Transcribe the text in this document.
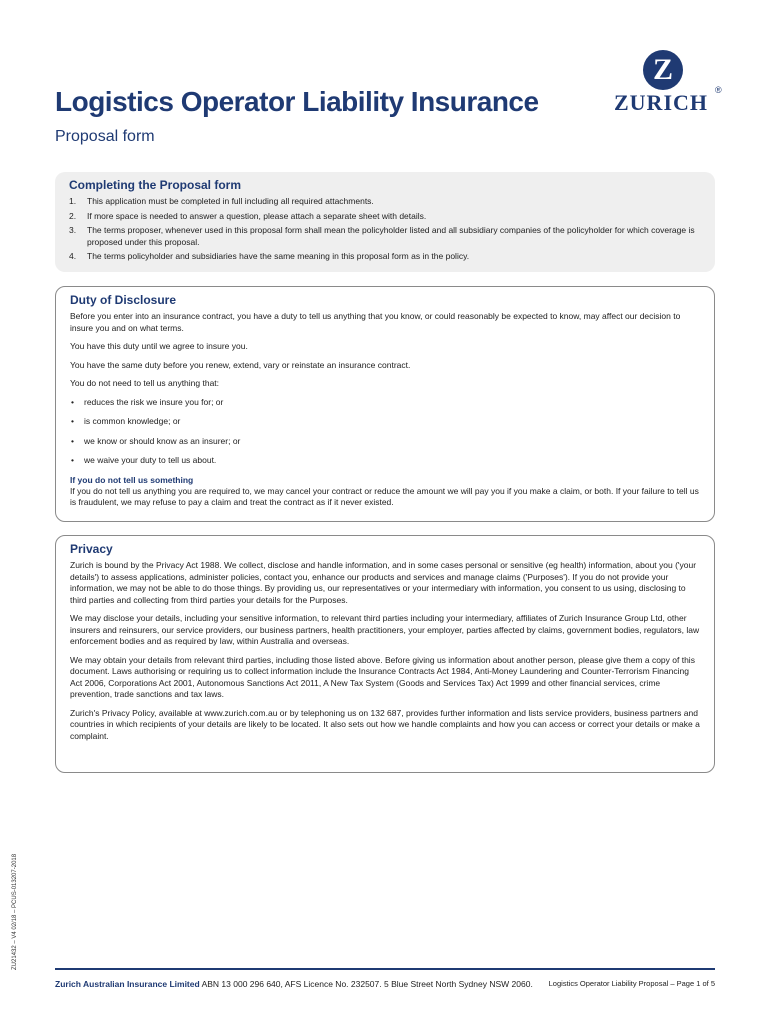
Z
ZURICH ®
Logistics Operator Liability Insurance
Proposal form
Completing the Proposal form
1. This application must be completed in full including all required attachments.
2. If more space is needed to answer a question, please attach a separate sheet with details.
3. The terms proposer, whenever used in this proposal form shall mean the policyholder listed and all subsidiary companies of the policyholder for which coverage is proposed under this proposal.
4. The terms policyholder and subsidiaries have the same meaning in this proposal form as in the policy.
Duty of Disclosure

Before you enter into an insurance contract, you have a duty to tell us anything that you know, or could reasonably be expected to know, may affect our decision to insure you and on what terms.

You have this duty until we agree to insure you.

You have the same duty before you renew, extend, vary or reinstate an insurance contract.

You do not need to tell us anything that:

• reduces the risk we insure you for; or
• is common knowledge; or
• we know or should know as an insurer; or
• we waive your duty to tell us about.
If you do not tell us something

If you do not tell us anything you are required to, we may cancel your contract or reduce the amount we will pay you if you make a claim, or both. If your failure to tell us is fraudulent, we may refuse to pay a claim and treat the contract as if it never existed.

Privacy

Zurich is bound by the Privacy Act 1988. We collect, disclose and handle information, and in some cases personal or sensitive (eg health) information, about you ('your details') to assess applications, administer policies, contact you, enhance our products and services and manage claims ('Purposes'). If you do not provide your information, we may not be able to do those things. By providing us, our representatives or your intermediary with information, you consent to us using, disclosing to third parties and collecting from third parties your details for the Purposes.

We may disclose your details, including your sensitive information, to relevant third parties including your intermediary, affiliates of Zurich Insurance Group Ltd, other insurers and reinsurers, our service providers, our business partners, health practitioners, your employer, parties affected by claims, government bodies, regulators, law enforcement bodies and as required by law, within Australia and overseas.

We may obtain your details from relevant third parties, including those listed above. Before giving us information about another person, please give them a copy of this document. Laws authorising or requiring us to collect information include the Insurance Contracts Act 1984, Anti-Money Laundering and Counter-Terrorism Financing Act 2006, Corporations Act 2001, Autonomous Sanctions Act 2011, A New Tax System (Goods and Services Tax) Act 1999 and other financial services, crime prevention, trade sanctions and tax laws.

Zurich's Privacy Policy, available at www.zurich.com.au or by telephoning us on 132 687, provides further information and lists service providers, business partners and countries in which recipients of your details are likely to be located. It also sets out how we handle complaints and how you can access or correct your details or make a complaint.

ZU21432 – V4 02/18 – PCUS-013207-2018
Zurich Australian Insurance Limited ABN 13 000 296 640, AFS Licence No. 232507. 5 Blue Street North Sydney NSW 2060. Logistics Operator Liability Proposal – Page 1 of 5
